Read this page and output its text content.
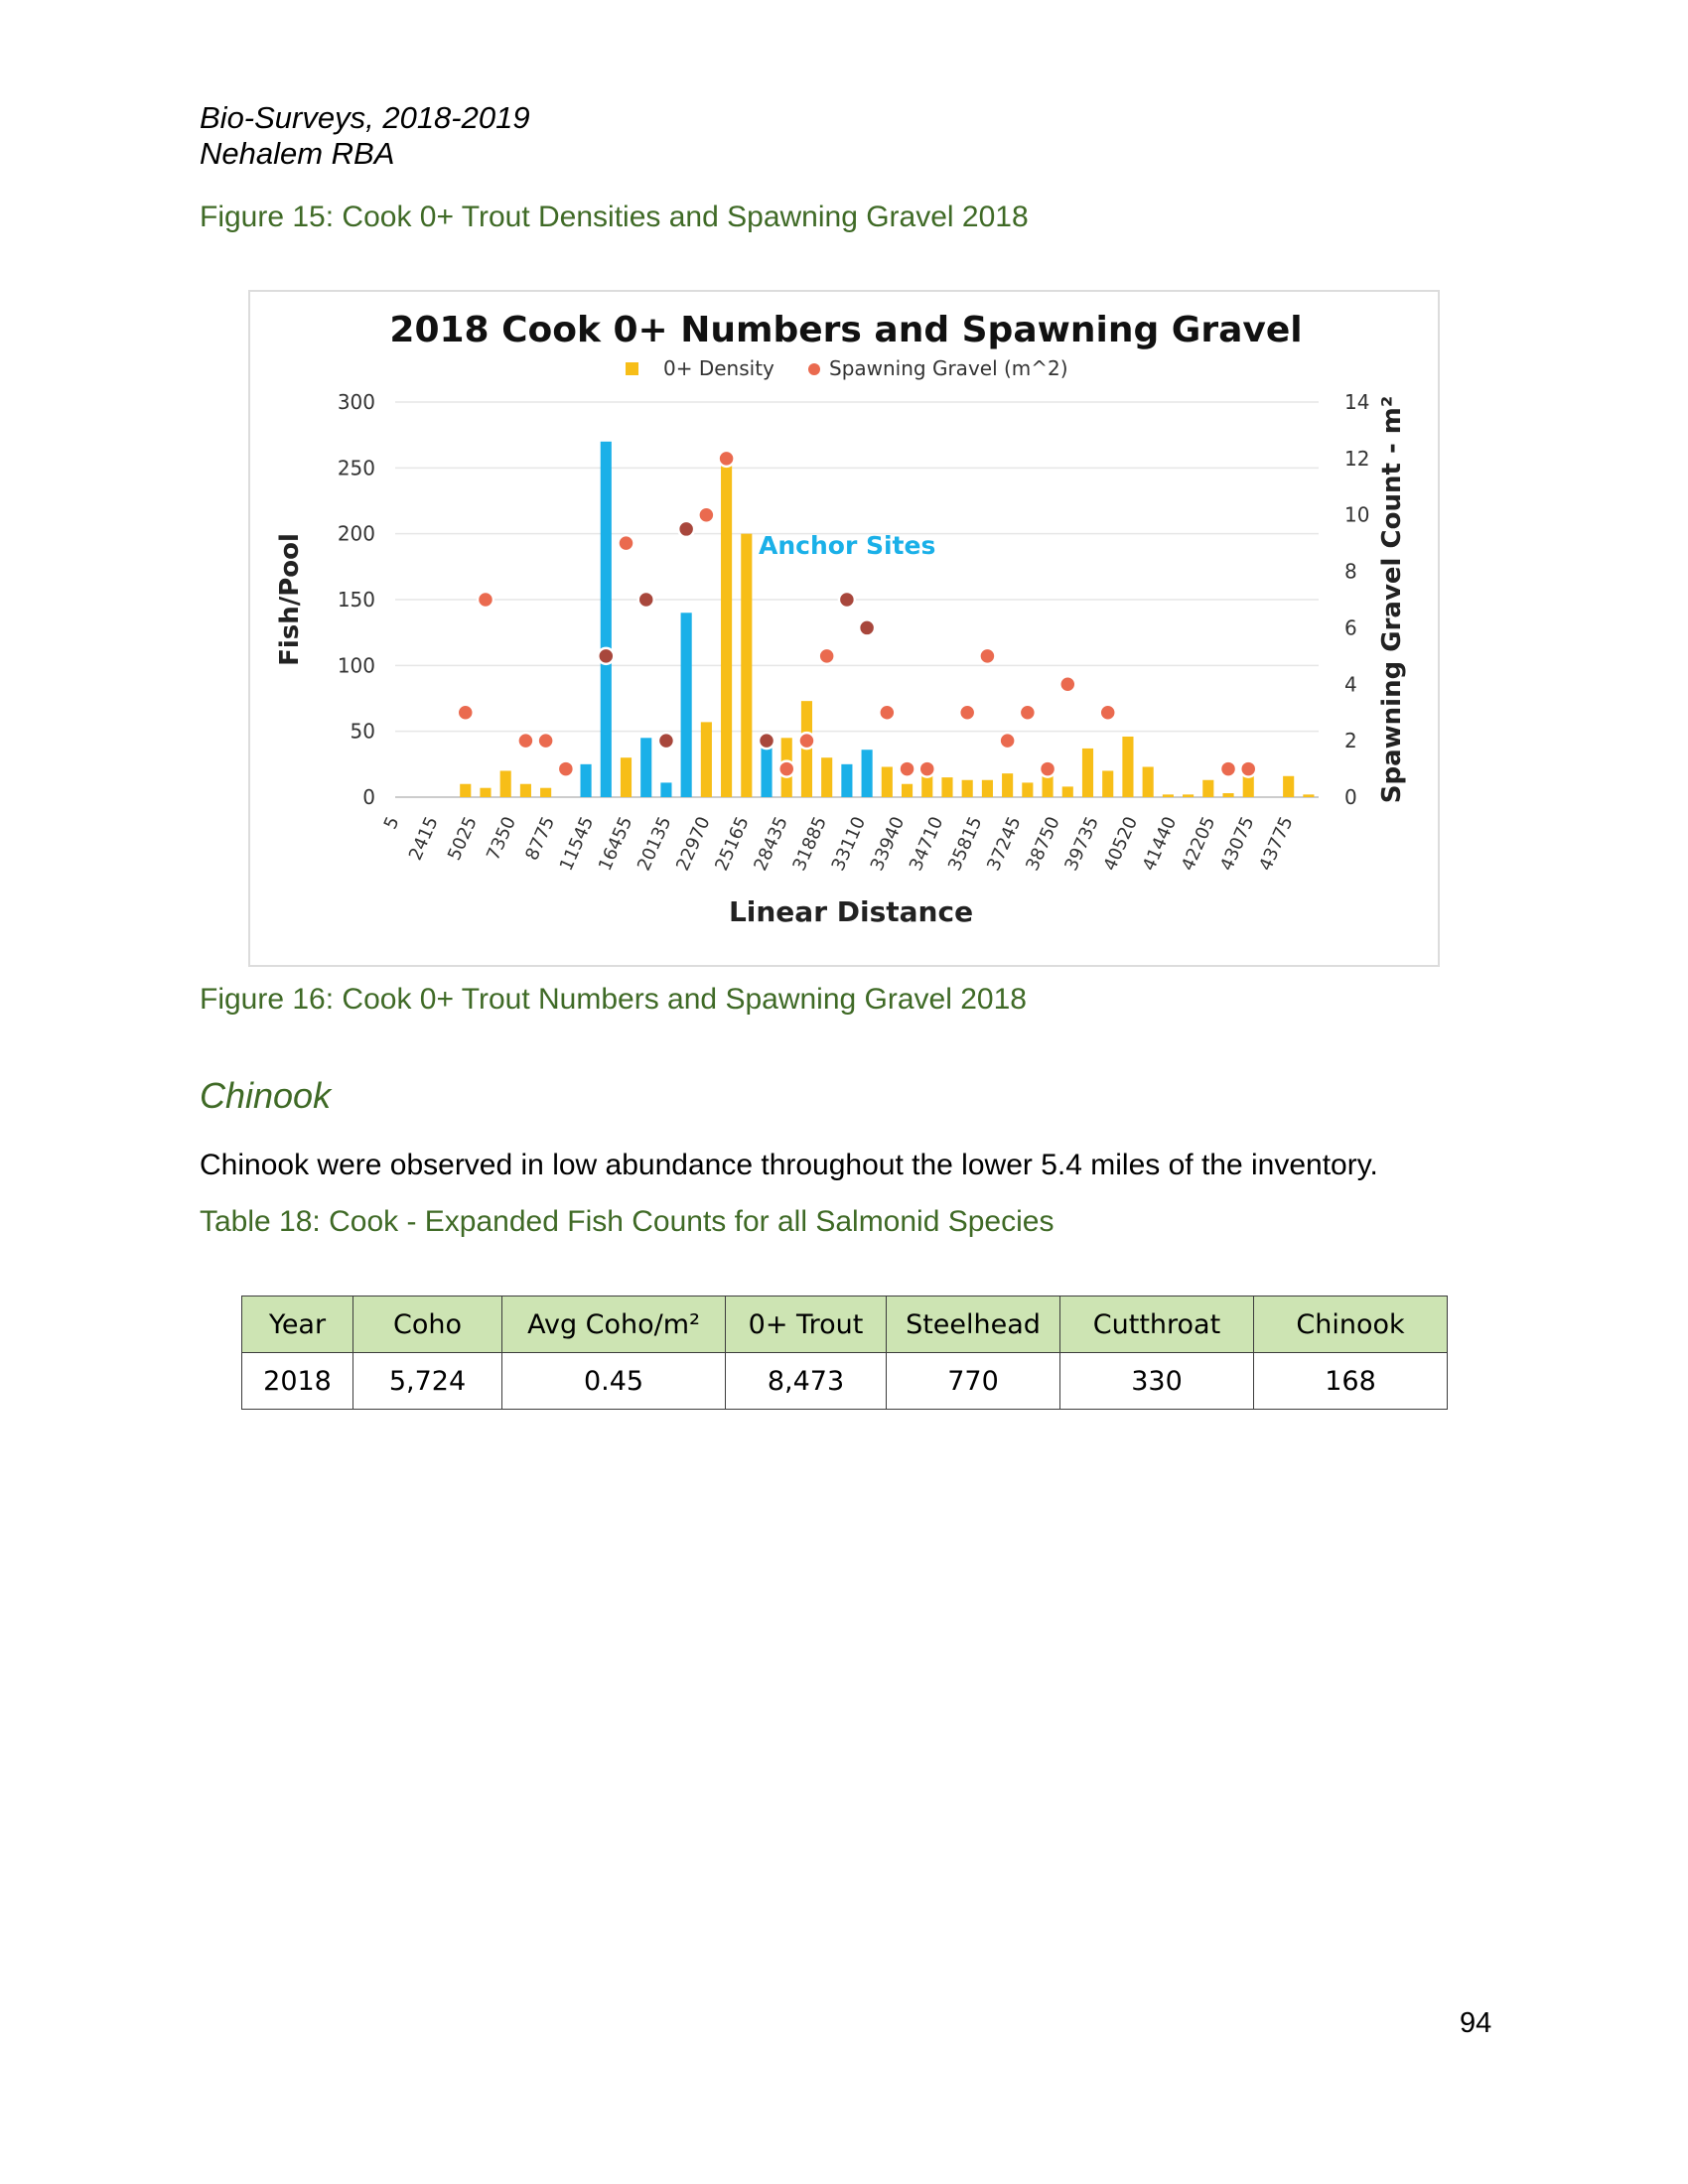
Bio-Surveys, 2018-2019
Nehalem RBA
Figure 15: Cook 0+ Trout Densities and Spawning Gravel 2018
2018 Cook 0+ Numbers and Spawning Gravel
0+ Density	Spawning Gravel (m^2)
0
50
100
150
200
250
300
0
2
4
6
8
10
12
14
Fish/Pool	Spawning Gravel Count - m²
Linear Distance
Anchor Sites
5 2415 5025 7350 8775
11545
16455
20135
22970
25165
28435
31885
33110
33940
34710
35815
37245
38750
39735
40520
41440
42205
43075
43775
Figure 16: Cook 0+ Trout Numbers and Spawning Gravel 2018
Chinook
Chinook were observed in low abundance throughout the lower 5.4 miles of the inventory.
Table 18: Cook - Expanded Fish Counts for all Salmonid Species
Year	Coho	Avg Coho/m²	0+ Trout	Steelhead	Cutthroat	Chinook
2018	5,724	0.45	8,473	770	330	168
94
